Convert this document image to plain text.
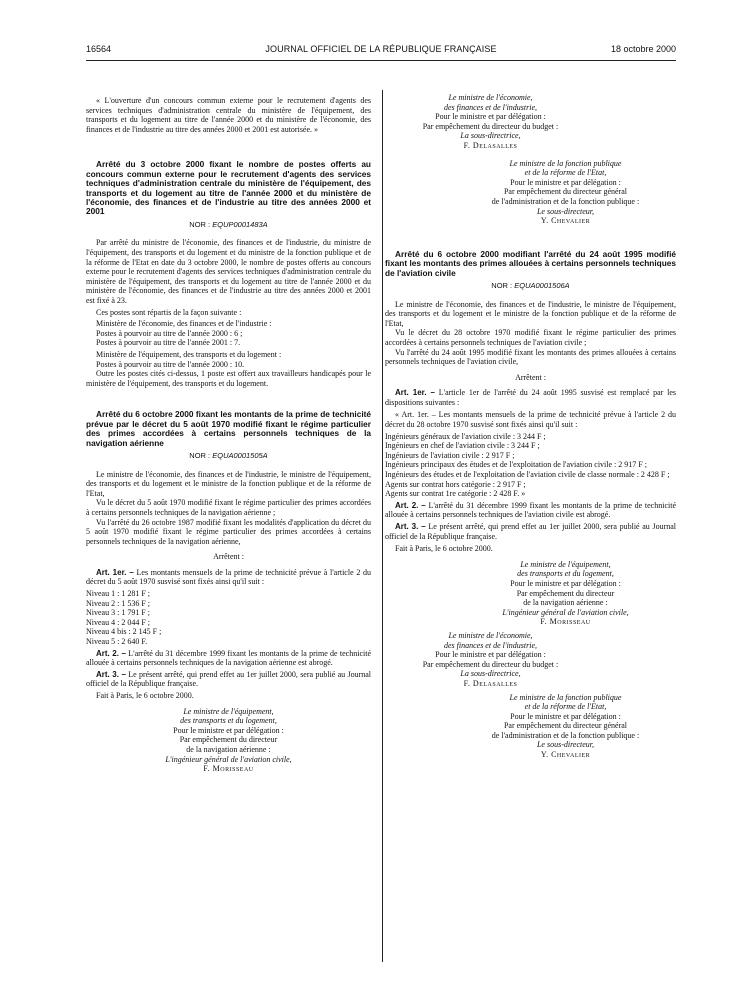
16564	JOURNAL OFFICIEL DE LA RÉPUBLIQUE FRANÇAISE	18 octobre 2000

« L'ouverture d'un concours commun externe pour le recrutement d'agents des services techniques d'administration centrale du ministère de l'équipement, des transports et du logement au titre de l'année 2000 et du ministère de l'économie, des finances et de l'industrie au titre des années 2000 et 2001 est autorisée. »

Arrêté du 3 octobre 2000 fixant le nombre de postes offerts au concours commun externe pour le recrutement d'agents des services techniques d'administration centrale du ministère de l'équipement, des transports et du logement au titre de l'année 2000 et du ministère de l'économie, des finances et de l'industrie au titre des années 2000 et 2001

NOR : EQUP0001483A

Par arrêté du ministre de l'économie, des finances et de l'industrie, du ministre de l'équipement, des transports et du logement et du ministre de la fonction publique et de la réforme de l'Etat en date du 3 octobre 2000, le nombre de postes offerts au concours externe pour le recrutement d'agents des services techniques d'administration centrale du ministère de l'équipement, des transports et du logement au titre de l'année 2000 et du ministère de l'économie, des finances et de l'industrie au titre des années 2000 et 2001 est fixé à 23.

Ces postes sont répartis de la façon suivante :

Ministère de l'économie, des finances et de l'industrie :

Postes à pourvoir au titre de l'année 2000 : 6 ;

Postes à pourvoir au titre de l'année 2001 : 7.

Ministère de l'équipement, des transports et du logement :

Postes à pourvoir au titre de l'année 2000 : 10.

Outre les postes cités ci-dessus, 1 poste est offert aux travailleurs handicapés pour le ministère de l'équipement, des transports et du logement.

Arrêté du 6 octobre 2000 fixant les montants de la prime de technicité prévue par le décret du 5 août 1970 modifié fixant le régime particulier des primes accordées à certains personnels techniques de la navigation aérienne

NOR : EQUA0001505A

Le ministre de l'économie, des finances et de l'industrie, le ministre de l'équipement, des transports et du logement et le ministre de la fonction publique et de la réforme de l'Etat,

Vu le décret du 5 août 1970 modifié fixant le régime particulier des primes accordées à certains personnels techniques de la navigation aérienne ;

Vu l'arrêté du 26 octobre 1987 modifié fixant les modalités d'application du décret du 5 août 1970 modifié fixant le régime particulier des primes accordées à certains personnels techniques de la navigation aérienne,

Arrêtent :

Art. 1er. – Les montants mensuels de la prime de technicité prévue à l'article 2 du décret du 5 août 1970 susvisé sont fixés ainsi qu'il suit :

Niveau 1 : 1 281 F ;

Niveau 2 : 1 536 F ;

Niveau 3 : 1 791 F ;

Niveau 4 : 2 044 F ;

Niveau 4 bis : 2 145 F ;

Niveau 5 : 2 640 F.

Art. 2. – L'arrêté du 31 décembre 1999 fixant les montants de la prime de technicité allouée à certains personnels techniques de la navigation aérienne est abrogé.

Art. 3. – Le présent arrêté, qui prend effet au 1er juillet 2000, sera publié au Journal officiel de la République française.

Fait à Paris, le 6 octobre 2000.

Le ministre de l'équipement,

des transports et du logement,

Pour le ministre et par délégation :

Par empêchement du directeur

de la navigation aérienne :

L'ingénieur général de l'aviation civile,

F. Morisseau

Le ministre de l'économie,

des finances et de l'industrie,

Pour le ministre et par délégation :

Par empêchement du directeur du budget :

La sous-directrice,

F. Delasalles

Le ministre de la fonction publique

et de la réforme de l'Etat,

Pour le ministre et par délégation :

Par empêchement du directeur général

de l'administration et de la fonction publique :

Le sous-directeur,

Y. Chevalier

Arrêté du 6 octobre 2000 modifiant l'arrêté du 24 août 1995 modifié fixant les montants des primes allouées à certains personnels techniques de l'aviation civile

NOR : EQUA0001506A

Le ministre de l'économie, des finances et de l'industrie, le ministre de l'équipement, des transports et du logement et le ministre de la fonction publique et de la réforme de l'Etat,

Vu le décret du 28 octobre 1970 modifié fixant le régime particulier des primes accordées à certains personnels techniques de l'aviation civile ;

Vu l'arrêté du 24 août 1995 modifié fixant les montants des primes allouées à certains personnels techniques de l'aviation civile,

Arrêtent :

Art. 1er. – L'article 1er de l'arrêté du 24 août 1995 susvisé est remplacé par les dispositions suivantes :

« Art. 1er. – Les montants mensuels de la prime de technicité prévue à l'article 2 du décret du 28 octobre 1970 susvisé sont fixés ainsi qu'il suit :

Ingénieurs généraux de l'aviation civile : 3 244 F ;

Ingénieurs en chef de l'aviation civile : 3 244 F ;

Ingénieurs de l'aviation civile : 2 917 F ;

Ingénieurs principaux des études et de l'exploitation de l'aviation civile : 2 917 F ;

Ingénieurs des études et de l'exploitation de l'aviation civile de classe normale : 2 428 F ;

Agents sur contrat hors catégorie : 2 917 F ;

Agents sur contrat 1re catégorie : 2 428 F. »

Art. 2. – L'arrêté du 31 décembre 1999 fixant les montants de la prime de technicité allouée à certains personnels techniques de l'aviation civile est abrogé.

Art. 3. – Le présent arrêté, qui prend effet au 1er juillet 2000, sera publié au Journal officiel de la République française.

Fait à Paris, le 6 octobre 2000.

Le ministre de l'équipement,

des transports et du logement,

Pour le ministre et par délégation :

Par empêchement du directeur

de la navigation aérienne :

L'ingénieur général de l'aviation civile,

F. Morisseau

Le ministre de l'économie,

des finances et de l'industrie,

Pour le ministre et par délégation :

Par empêchement du directeur du budget :

La sous-directrice,

F. Delasalles

Le ministre de la fonction publique

et de la réforme de l'Etat,

Pour le ministre et par délégation :

Par empêchement du directeur général

de l'administration et de la fonction publique :

Le sous-directeur,

Y. Chevalier
